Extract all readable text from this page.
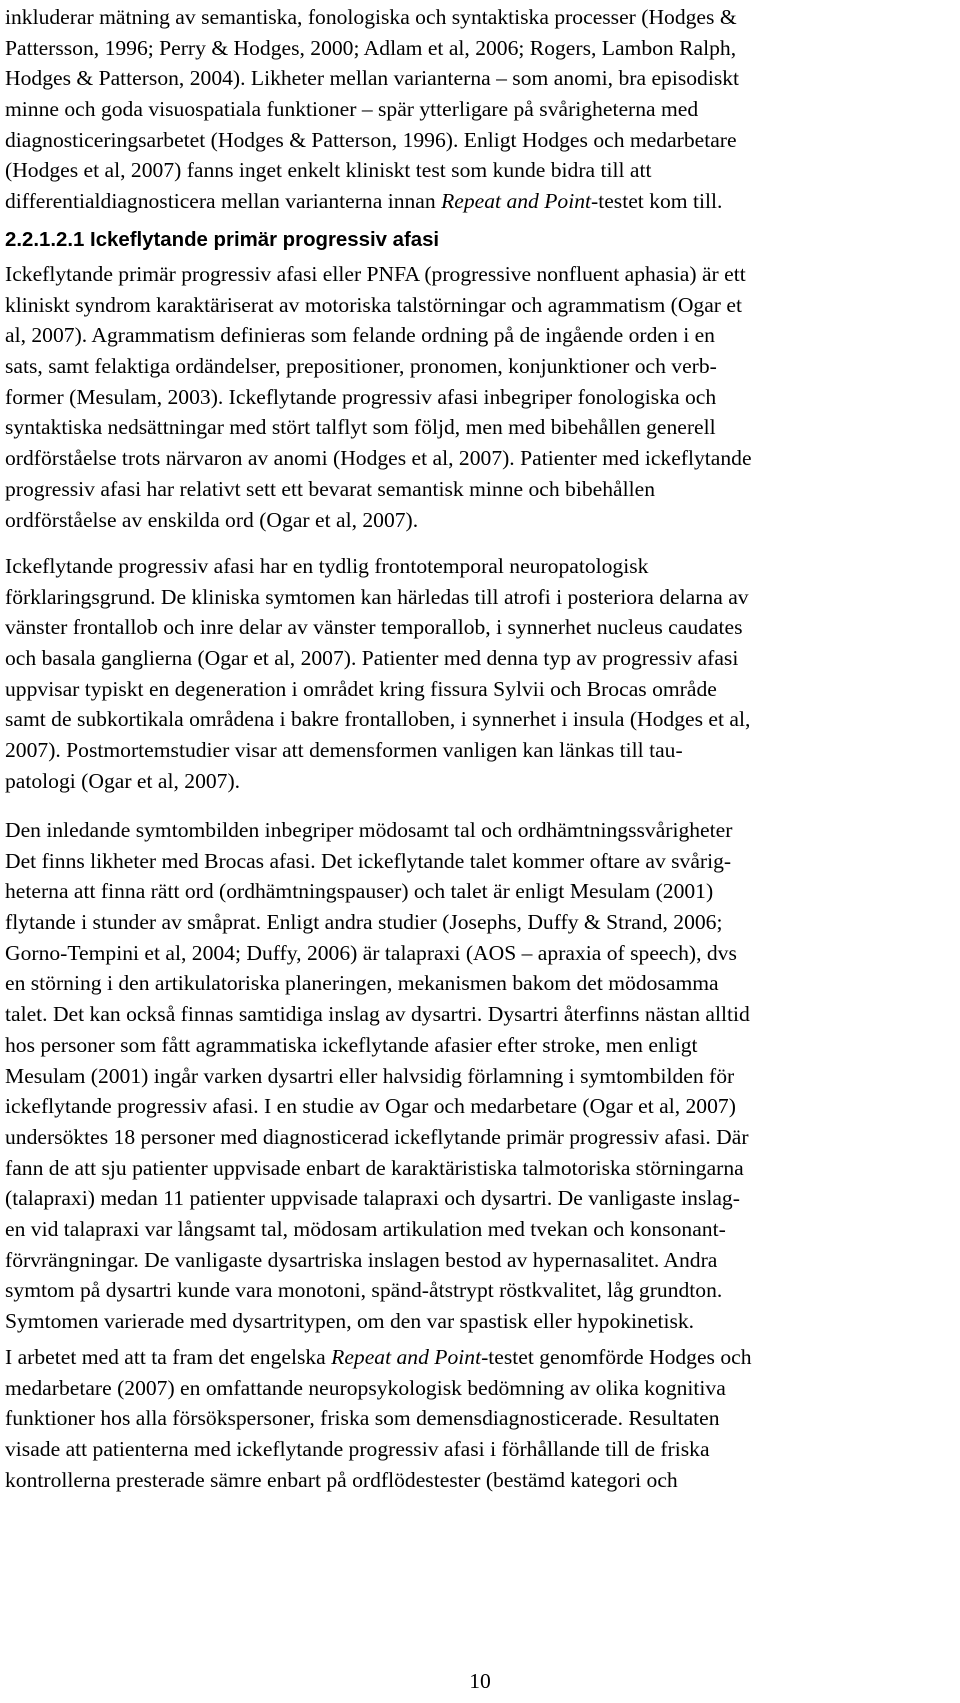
inkluderar mätning av semantiska, fonologiska och syntaktiska processer (Hodges &
Pattersson, 1996; Perry & Hodges, 2000; Adlam et al, 2006; Rogers, Lambon Ralph,
Hodges & Patterson, 2004). Likheter mellan varianterna – som anomi, bra episodiskt
minne och goda visuospatiala funktioner – spär ytterligare på svårigheterna med
diagnosticeringsarbetet (Hodges & Patterson, 1996). Enligt Hodges och medarbetare
(Hodges et al, 2007) fanns inget enkelt kliniskt test som kunde bidra till att
differentialdiagnosticera mellan varianterna innan Repeat and Point-testet kom till.
2.2.1.2.1 Ickeflytande primär progressiv afasi
Ickeflytande primär progressiv afasi eller PNFA (progressive nonfluent aphasia) är ett
kliniskt syndrom karaktäriserat av motoriska talstörningar och agrammatism (Ogar et
al, 2007). Agrammatism definieras som felande ordning på de ingående orden i en
sats, samt felaktiga ordändelser, prepositioner, pronomen, konjunktioner och verb-
former (Mesulam, 2003). Ickeflytande progressiv afasi inbegriper fonologiska och
syntaktiska nedsättningar med stört talflyt som följd, men med bibehållen generell
ordförståelse trots närvaron av anomi (Hodges et al, 2007). Patienter med ickeflytande
progressiv afasi har relativt sett ett bevarat semantisk minne och bibehållen
ordförståelse av enskilda ord (Ogar et al, 2007).
Ickeflytande progressiv afasi har en tydlig frontotemporal neuropatologisk
förklaringsgrund. De kliniska symtomen kan härledas till atrofi i posteriora delarna av
vänster frontallob och inre delar av vänster temporallob, i synnerhet nucleus caudates
och basala ganglierna (Ogar et al, 2007). Patienter med denna typ av progressiv afasi
uppvisar typiskt en degeneration i området kring fissura Sylvii och Brocas område
samt de subkortikala områdena i bakre frontalloben, i synnerhet i insula (Hodges et al,
2007). Postmortemstudier visar att demensformen vanligen kan länkas till tau-
patologi (Ogar et al, 2007).
Den inledande symtombilden inbegriper mödosamt tal och ordhämtningssvårigheter
Det finns likheter med Brocas afasi. Det ickeflytande talet kommer oftare av svårig-
heterna att finna rätt ord (ordhämtningspauser) och talet är enligt Mesulam (2001)
flytande i stunder av småprat. Enligt andra studier (Josephs, Duffy & Strand, 2006;
Gorno-Tempini et al, 2004; Duffy, 2006) är talapraxi (AOS – apraxia of speech), dvs
en störning i den artikulatoriska planeringen, mekanismen bakom det mödosamma
talet. Det kan också finnas samtidiga inslag av dysartri. Dysartri återfinns nästan alltid
hos personer som fått agrammatiska ickeflytande afasier efter stroke, men enligt
Mesulam (2001) ingår varken dysartri eller halvsidig förlamning i symtombilden för
ickeflytande progressiv afasi. I en studie av Ogar och medarbetare (Ogar et al, 2007)
undersöktes 18 personer med diagnosticerad ickeflytande primär progressiv afasi. Där
fann de att sju patienter uppvisade enbart de karaktäristiska talmotoriska störningarna
(talapraxi) medan 11 patienter uppvisade talapraxi och dysartri. De vanligaste inslag-
en vid talapraxi var långsamt tal, mödosam artikulation med tvekan och konsonant-
förvrängningar. De vanligaste dysartriska inslagen bestod av hypernasalitet. Andra
symtom på dysartri kunde vara monotoni, spänd-åtstrypt röstkvalitet, låg grundton.
Symtomen varierade med dysartritypen, om den var spastisk eller hypokinetisk.
I arbetet med att ta fram det engelska Repeat and Point-testet genomförde Hodges och
medarbetare (2007) en omfattande neuropsykologisk bedömning av olika kognitiva
funktioner hos alla försökspersoner, friska som demensdiagnosticerade. Resultaten
visade att patienterna med ickeflytande progressiv afasi i förhållande till de friska
kontrollerna presterade sämre enbart på ordflödestester (bestämd kategori och
10
